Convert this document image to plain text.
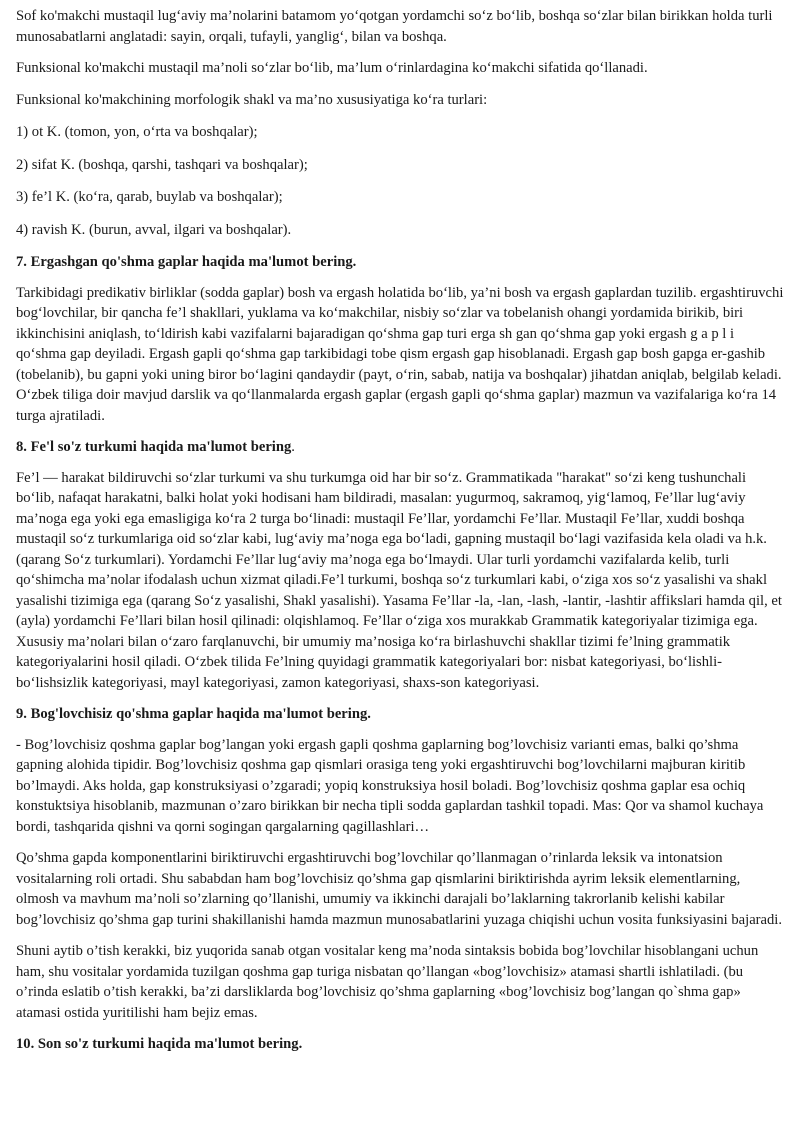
Sof ko'makchi mustaqil lug‘aviy ma’nolarini batamom yo‘qotgan yordamchi so‘z bo‘lib, boshqa so‘zlar bilan birikkan holda turli munosabatlarni anglatadi: sayin, orqali, tufayli, yanglig‘, bilan va boshqa.

Funksional ko'makchi mustaqil ma’noli so‘zlar bo‘lib, ma’lum o‘rinlardagina ko‘makchi sifatida qo‘llanadi.

Funksional ko'makchining morfologik shakl va ma’no xususiyatiga ko‘ra turlari:

1) ot K. (tomon, yon, o‘rta va boshqalar);

2) sifat K. (boshqa, qarshi, tashqari va boshqalar);

3) fe’l K. (ko‘ra, qarab, buylab va boshqalar);

4) ravish K. (burun, avval, ilgari va boshqalar).

7. Ergashgan qo'shma gaplar haqida ma'lumot bering.

Tarkibidagi predikativ birliklar (sodda gaplar) bosh va ergash holatida bo‘lib, ya’ni bosh va ergash gaplardan tuzilib. ergashtiruvchi bog‘lovchilar, bir qancha fe’l shakllari, yuklama va ko‘makchilar, nisbiy so‘zlar va tobelanish ohangi yordamida birikib, biri ikkinchisini aniqlash, to‘ldirish kabi vazifalarni bajaradigan qo‘shma gap turi erga sh gan qo‘shma gap yoki ergash g a p l i qo‘shma gap deyiladi. Ergash gapli qo‘shma gap tarkibidagi tobe qism ergash gap hisoblanadi. Ergash gap bosh gapga er-gashib (tobelanib), bu gapni yoki uning biror bo‘lagini qandaydir (payt, o‘rin, sabab, natija va boshqalar) jihatdan aniqlab, belgilab keladi. O‘zbek tiliga doir mavjud darslik va qo‘llanmalarda ergash gaplar (ergash gapli qo‘shma gaplar) mazmun va vazifalariga ko‘ra 14 turga ajratiladi.

8. Fe'l so'z turkumi haqida ma'lumot bering.

Fe’l — harakat bildiruvchi so‘zlar turkumi va shu turkumga oid har bir so‘z. Grammatikada "harakat" so‘zi keng tushunchali bo‘lib, nafaqat harakatni, balki holat yoki hodisani ham bildiradi, masalan: yugurmoq, sakramoq, yig‘lamoq, Fe’llar lug‘aviy ma’noga ega yoki ega emasligiga ko‘ra 2 turga bo‘linadi: mustaqil Fe’llar, yordamchi Fe’llar. Mustaqil Fe’llar, xuddi boshqa mustaqil so‘z turkumlariga oid so‘zlar kabi, lug‘aviy ma’noga ega bo‘ladi, gapning mustaqil bo‘lagi vazifasida kela oladi va h.k. (qarang So‘z turkumlari). Yordamchi Fe’llar lug‘aviy ma’noga ega bo‘lmaydi. Ular turli yordamchi vazifalarda kelib, turli qo‘shimcha ma’nolar ifodalash uchun xizmat qiladi.Fe’l turkumi, boshqa so‘z turkumlari kabi, o‘ziga xos so‘z yasalishi va shakl yasalishi tizimiga ega (qarang So‘z yasalishi, Shakl yasalishi). Yasama Fe’llar -la, -lan, -lash, -lantir, -lashtir affikslari hamda qil, et (ayla) yordamchi Fe’llari bilan hosil qilinadi: olqishlamoq. Fe’llar o‘ziga xos murakkab Grammatik kategoriyalar tizimiga ega. Xususiy ma’nolari bilan o‘zaro farqlanuvchi, bir umumiy ma’nosiga ko‘ra birlashuvchi shakllar tizimi fe’lning grammatik kategoriyalarini hosil qiladi. O‘zbek tilida Fe’lning quyidagi grammatik kategoriyalari bor: nisbat kategoriyasi, bo‘lishli-bo‘lishsizlik kategoriyasi, mayl kategoriyasi, zamon kategoriyasi, shaxs-son kategoriyasi.

9. Bog'lovchisiz qo'shma gaplar haqida ma'lumot bering.

- Bog’lovchisiz qoshma gaplar bog’langan yoki ergash gapli qoshma gaplarning bog’lovchisiz varianti emas, balki qo’shma gapning alohida tipidir. Bog’lovchisiz qoshma gap qismlari orasiga teng yoki ergashtiruvchi bog’lovchilarni majburan kiritib bo’lmaydi. Aks holda, gap konstruksiyasi o’zgaradi; yopiq konstruksiya hosil boladi. Bog’lovchisiz qoshma gaplar esa ochiq konstuktsiya hisoblanib, mazmunan o’zaro birikkan bir necha tipli sodda gaplardan tashkil topadi. Mas: Qor va shamol kuchaya bordi, tashqarida qishni va qorni sogingan qargalarning qagillashlari…

Qo’shma gapda komponentlarini biriktiruvchi ergashtiruvchi bog’lovchilar qo’llanmagan o’rinlarda leksik va intonatsion vositalarning roli ortadi. Shu sababdan ham bog’lovchisiz qo’shma gap qismlarini biriktirishda ayrim leksik elementlarning, olmosh va mavhum ma’noli so’zlarning qo’llanishi, umumiy va ikkinchi darajali bo’laklarning takrorlanib kelishi kabilar bog’lovchisiz qo’shma gap turini shakillanishi hamda mazmun munosabatlarini yuzaga chiqishi uchun vosita funksiyasini bajaradi.

Shuni aytib o’tish kerakki, biz yuqorida sanab otgan vositalar keng ma’noda sintaksis bobida bog’lovchilar hisoblangani uchun ham, shu vositalar yordamida tuzilgan qoshma gap turiga nisbatan qo’llangan «bog’lovchisiz» atamasi shartli ishlatiladi. (bu o’rinda eslatib o’tish kerakki, ba’zi darsliklarda bog’lovchisiz qo’shma gaplarning «bog’lovchisiz bog’langan qo`shma gap» atamasi ostida yuritilishi ham bejiz emas.

10. Son so'z turkumi haqida ma'lumot bering.
